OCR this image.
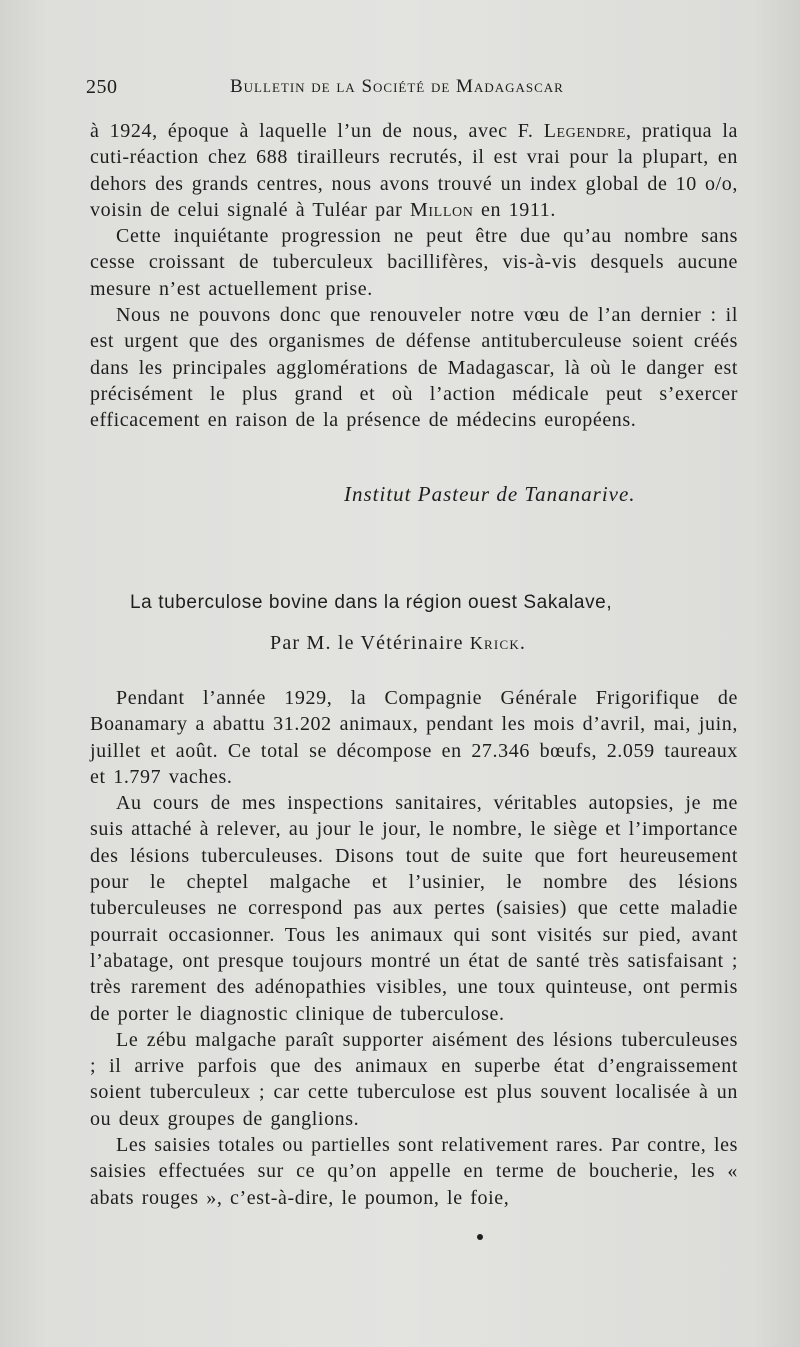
250	Bulletin de la Société de Madagascar

à 1924, époque à laquelle l’un de nous, avec F. Legendre, pratiqua la cuti-réaction chez 688 tirailleurs recrutés, il est vrai pour la plupart, en dehors des grands centres, nous avons trouvé un index global de 10 o/o, voisin de celui signalé à Tuléar par Millon en 1911.

Cette inquiétante progression ne peut être due qu’au nombre sans cesse croissant de tuberculeux bacillifères, vis-à-vis desquels aucune mesure n’est actuellement prise.

Nous ne pouvons donc que renouveler notre vœu de l’an dernier : il est urgent que des organismes de défense antituberculeuse soient créés dans les principales agglomérations de Madagascar, là où le danger est précisément le plus grand et où l’action médicale peut s’exercer efficacement en raison de la présence de médecins européens.

Institut Pasteur de Tananarive.
La tuberculose bovine dans la région ouest Sakalave,
Par M. le Vétérinaire Krick.

Pendant l’année 1929, la Compagnie Générale Frigorifique de Boanamary a abattu 31.202 animaux, pendant les mois d’avril, mai, juin, juillet et août. Ce total se décompose en 27.346 bœufs, 2.059 taureaux et 1.797 vaches.

Au cours de mes inspections sanitaires, véritables autopsies, je me suis attaché à relever, au jour le jour, le nombre, le siège et l’importance des lésions tuberculeuses. Disons tout de suite que fort heureusement pour le cheptel malgache et l’usinier, le nombre des lésions tuberculeuses ne correspond pas aux pertes (saisies) que cette maladie pourrait occasionner. Tous les animaux qui sont visités sur pied, avant l’abatage, ont presque toujours montré un état de santé très satisfaisant ; très rarement des adénopathies visibles, une toux quinteuse, ont permis de porter le diagnostic clinique de tuberculose.

Le zébu malgache paraît supporter aisément des lésions tuberculeuses ; il arrive parfois que des animaux en superbe état d’engraissement soient tuberculeux ; car cette tuberculose est plus souvent localisée à un ou deux groupes de ganglions.

Les saisies totales ou partielles sont relativement rares. Par contre, les saisies effectuées sur ce qu’on appelle en terme de boucherie, les « abats rouges », c’est-à-dire, le poumon, le foie,
